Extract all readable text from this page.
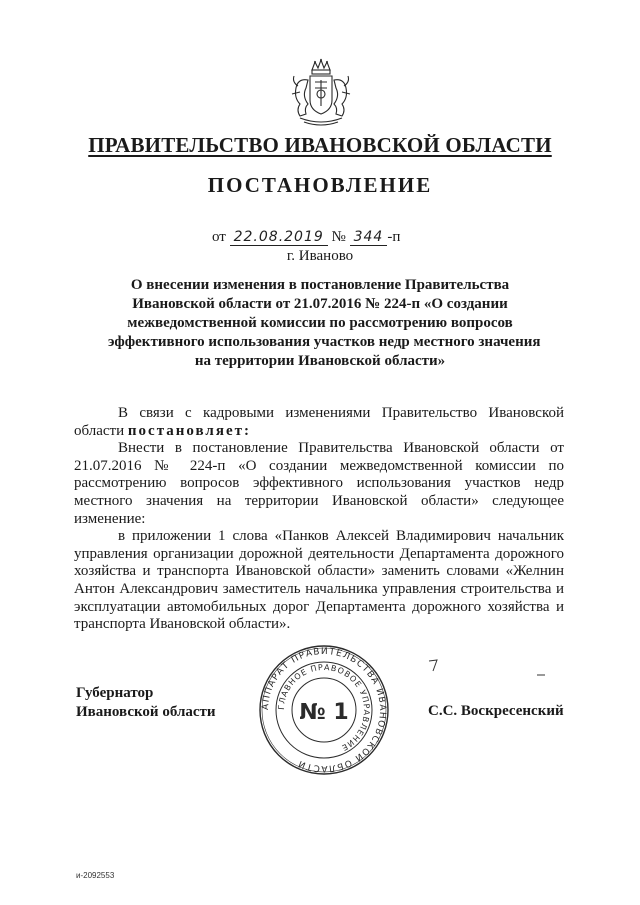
ПРАВИТЕЛЬСТВО ИВАНОВСКОЙ ОБЛАСТИ
ПОСТАНОВЛЕНИЕ
от 22.08.2019 № 344 -п
г. Иваново
О внесении изменения в постановление Правительства
Ивановской области от 21.07.2016 № 224-п «О создании
межведомственной комиссии по рассмотрению вопросов
эффективного использования участков недр местного значения
на территории Ивановской области»

В связи с кадровыми изменениями Правительство Ивановской области постановляет:

Внести в постановление Правительства Ивановской области от 21.07.2016 № 224-п «О создании межведомственной комиссии по рассмотрению вопросов эффективного использования участков недр местного значения на территории Ивановской области» следующее изменение:

в приложении 1 слова «Панков Алексей Владимирович начальник управления организации дорожной деятельности Департамента дорожного хозяйства и транспорта Ивановской области» заменить словами «Желнин Антон Александрович заместитель начальника управления строительства и эксплуатации автомобильных дорог Департамента дорожного хозяйства и транспорта Ивановской области».

Губернатор
Ивановской области	АППАРАТ ПРАВИТЕЛЬСТВА ИВАНОВСКОЙ ОБЛАСТИ
ГЛАВНОЕ ПРАВОВОЕ УПРАВЛЕНИЕ
№ 1	С.С. Воскресенский
и-2092553
